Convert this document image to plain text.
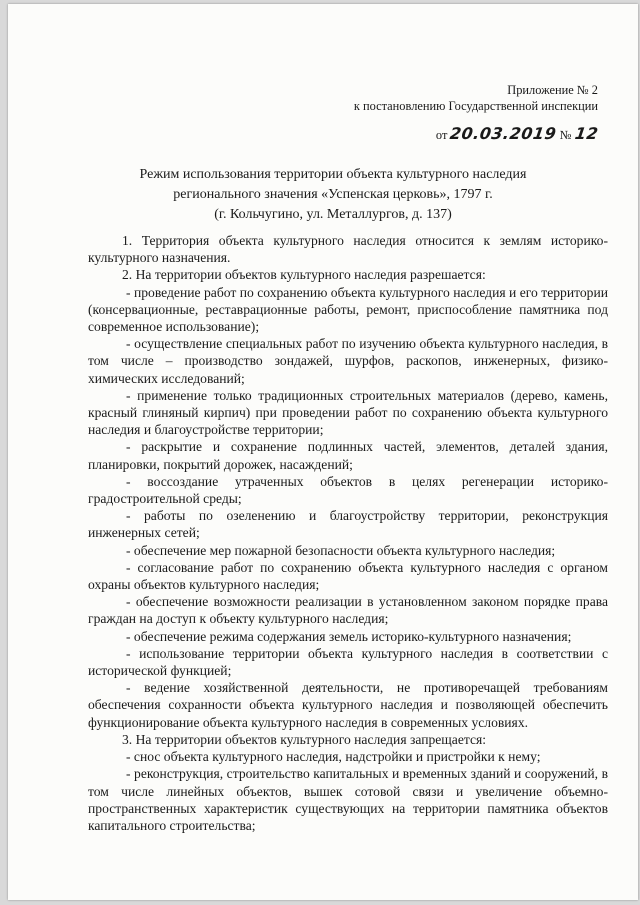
Приложение № 2
к постановлению Государственной инспекции
от 20.03.2019 № 12
Режим использования территории объекта культурного наследия
регионального значения «Успенская церковь», 1797 г.
(г. Кольчугино, ул. Металлургов, д. 137)

1. Территория объекта культурного наследия относится к землям историко-культурного назначения.

2. На территории объектов культурного наследия разрешается:

- проведение работ по сохранению объекта культурного наследия и его территории (консервационные, реставрационные работы, ремонт, приспособление памятника под современное использование);

- осуществление специальных работ по изучению объекта культурного наследия, в том числе – производство зондажей, шурфов, раскопов, инженерных, физико-химических исследований;

- применение только традиционных строительных материалов (дерево, камень, красный глиняный кирпич) при проведении работ по сохранению объекта культурного наследия и благоустройстве территории;

- раскрытие и сохранение подлинных частей, элементов, деталей здания, планировки, покрытий дорожек, насаждений;

- воссоздание утраченных объектов в целях регенерации историко-градостроительной среды;

- работы по озеленению и благоустройству территории, реконструкция инженерных сетей;

- обеспечение мер пожарной безопасности объекта культурного наследия;

- согласование работ по сохранению объекта культурного наследия с органом охраны объектов культурного наследия;

- обеспечение возможности реализации в установленном законом порядке права граждан на доступ к объекту культурного наследия;

- обеспечение режима содержания земель историко-культурного назначения;

- использование территории объекта культурного наследия в соответствии с исторической функцией;

- ведение хозяйственной деятельности, не противоречащей требованиям обеспечения сохранности объекта культурного наследия и позволяющей обеспечить функционирование объекта культурного наследия в современных условиях.

3. На территории объектов культурного наследия запрещается:

- снос объекта культурного наследия, надстройки и пристройки к нему;

- реконструкция, строительство капитальных и временных зданий и сооружений, в том числе линейных объектов, вышек сотовой связи и увеличение объемно-пространственных характеристик существующих на территории памятника объектов капитального строительства;
